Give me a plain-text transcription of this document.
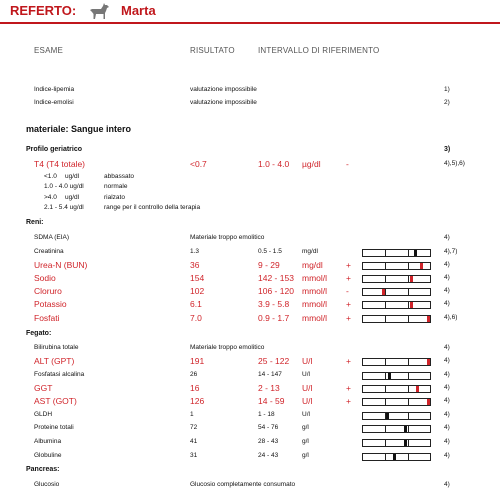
REFERTO:	Marta
ESAME	RISULTATO	INTERVALLO DI RIFERIMENTO
Indice-lipemia	valutazione impossibile	1)
Indice-emolisi	valutazione impossibile	2)
materiale: Sangue intero
Profilo geriatrico	3)
T4 (T4 totale)	<0.7	1.0 - 4.0 µg/dl	-	4),5),6)
<1.0 ug/dl	abbassato
1.0 - 4.0 ug/dl	normale
>4.0 ug/dl	rialzato
2.1 - 5.4 ug/dl	range per il controllo della terapia
Reni:
SDMA (EIA)	Materiale troppo emolitico	4)
Creatinina	1.3	0.5 - 1.5	mg/dl	4),7)
Urea-N (BUN)	36	9 - 29	mg/dl	+	4)
Sodio	154	142 - 153 mmol/l +	4)
Cloruro	102	106 - 120 mmol/l -	4)
Potassio	6.1	3.9 - 5.8 mmol/l +	4)
Fosfati	7.0	0.9 - 1.7 mmol/l +	4),6)
Fegato:
Bilirubina totale	Materiale troppo emolitico	4)
ALT (GPT)	191	25 - 122 U/l	+	4)
Fosfatasi alcalina	26	14 - 147	U/l	4)
GGT	16	2 - 13	U/l	+	4)
AST (GOT)	126	14 - 59 U/l	+	4)
GLDH	1	1 - 18	U/l	4)
Proteine totali	72	54 - 76	g/l	4)
Albumina	41	28 - 43	g/l	4)
Globuline	31	24 - 43	g/l	4)
Pancreas:
Glucosio	Glucosio completamente consumato	4)
